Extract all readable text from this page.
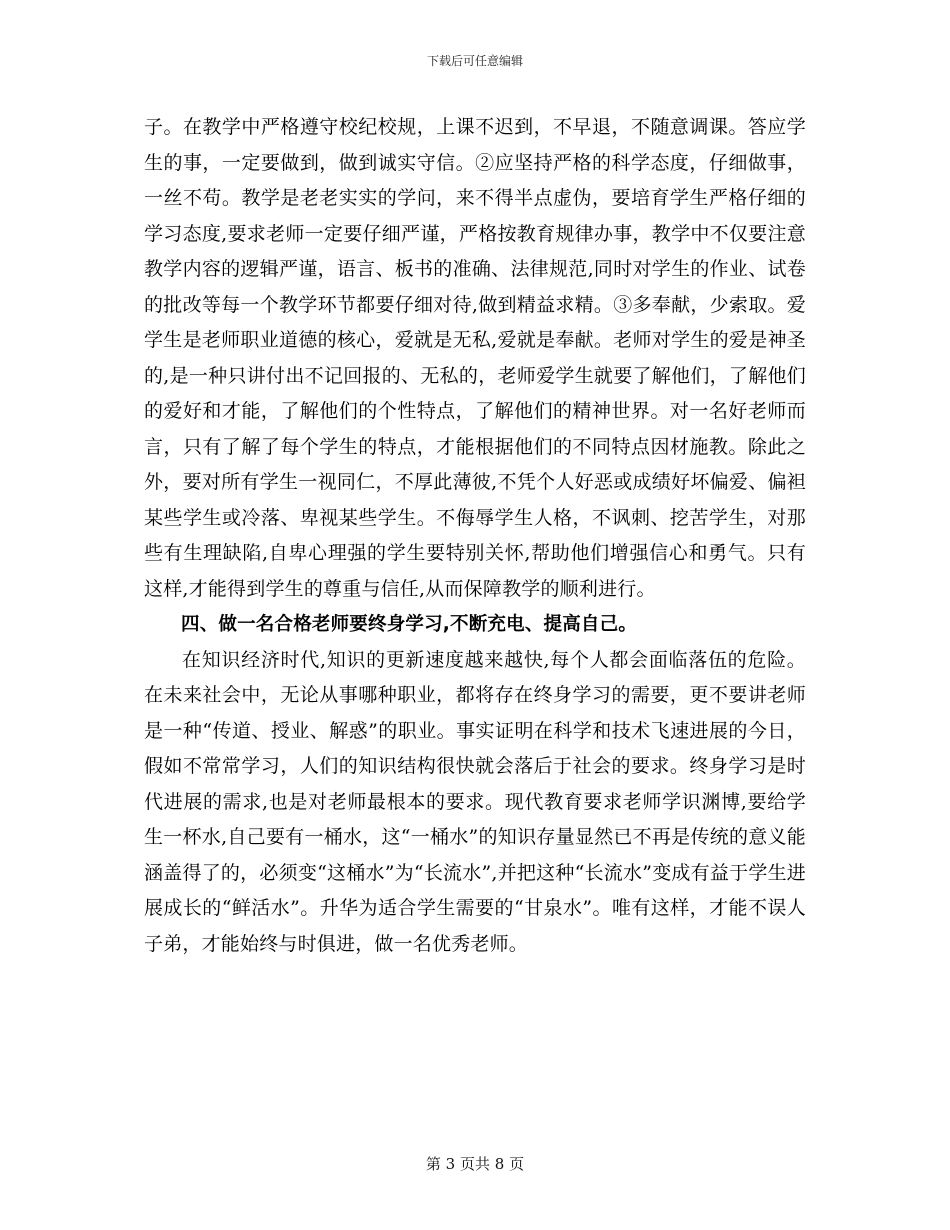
下载后可任意编辑

子。在教学中严格遵守校纪校规，上课不迟到，不早退，不随意调课。答应学生的事，一定要做到，做到诚实守信。②应坚持严格的科学态度，仔细做事，一丝不苟。教学是老老实实的学问，来不得半点虚伪，要培育学生严格仔细的学习态度,要求老师一定要仔细严谨，严格按教育规律办事，教学中不仅要注意教学内容的逻辑严谨，语言、板书的准确、法律规范,同时对学生的作业、试卷的批改等每一个教学环节都要仔细对待,做到精益求精。③多奉献，少索取。爱学生是老师职业道德的核心，爱就是无私,爱就是奉献。老师对学生的爱是神圣的,是一种只讲付出不记回报的、无私的，老师爱学生就要了解他们，了解他们的爱好和才能，了解他们的个性特点，了解他们的精神世界。对一名好老师而言，只有了解了每个学生的特点，才能根据他们的不同特点因材施教。除此之外，要对所有学生一视同仁，不厚此薄彼,不凭个人好恶或成绩好坏偏爱、偏袒某些学生或冷落、卑视某些学生。不侮辱学生人格，不讽刺、挖苦学生，对那些有生理缺陷,自卑心理强的学生要特别关怀,帮助他们增强信心和勇气。只有这样,才能得到学生的尊重与信任,从而保障教学的顺利进行。

四、做一名合格老师要终身学习,不断充电、提高自己。

在知识经济时代,知识的更新速度越来越快,每个人都会面临落伍的危险。在未来社会中，无论从事哪种职业，都将存在终身学习的需要，更不要讲老师是一种“传道、授业、解惑”的职业。事实证明在科学和技术飞速进展的今日，假如不常常学习，人们的知识结构很快就会落后于社会的要求。终身学习是时代进展的需求,也是对老师最根本的要求。现代教育要求老师学识渊博,要给学生一杯水,自己要有一桶水，这“一桶水”的知识存量显然已不再是传统的意义能涵盖得了的，必须变“这桶水”为“长流水”,并把这种“长流水”变成有益于学生进展成长的“鲜活水”。升华为适合学生需要的“甘泉水”。唯有这样，才能不误人子弟，才能始终与时俱进，做一名优秀老师。

第 3 页共 8 页
